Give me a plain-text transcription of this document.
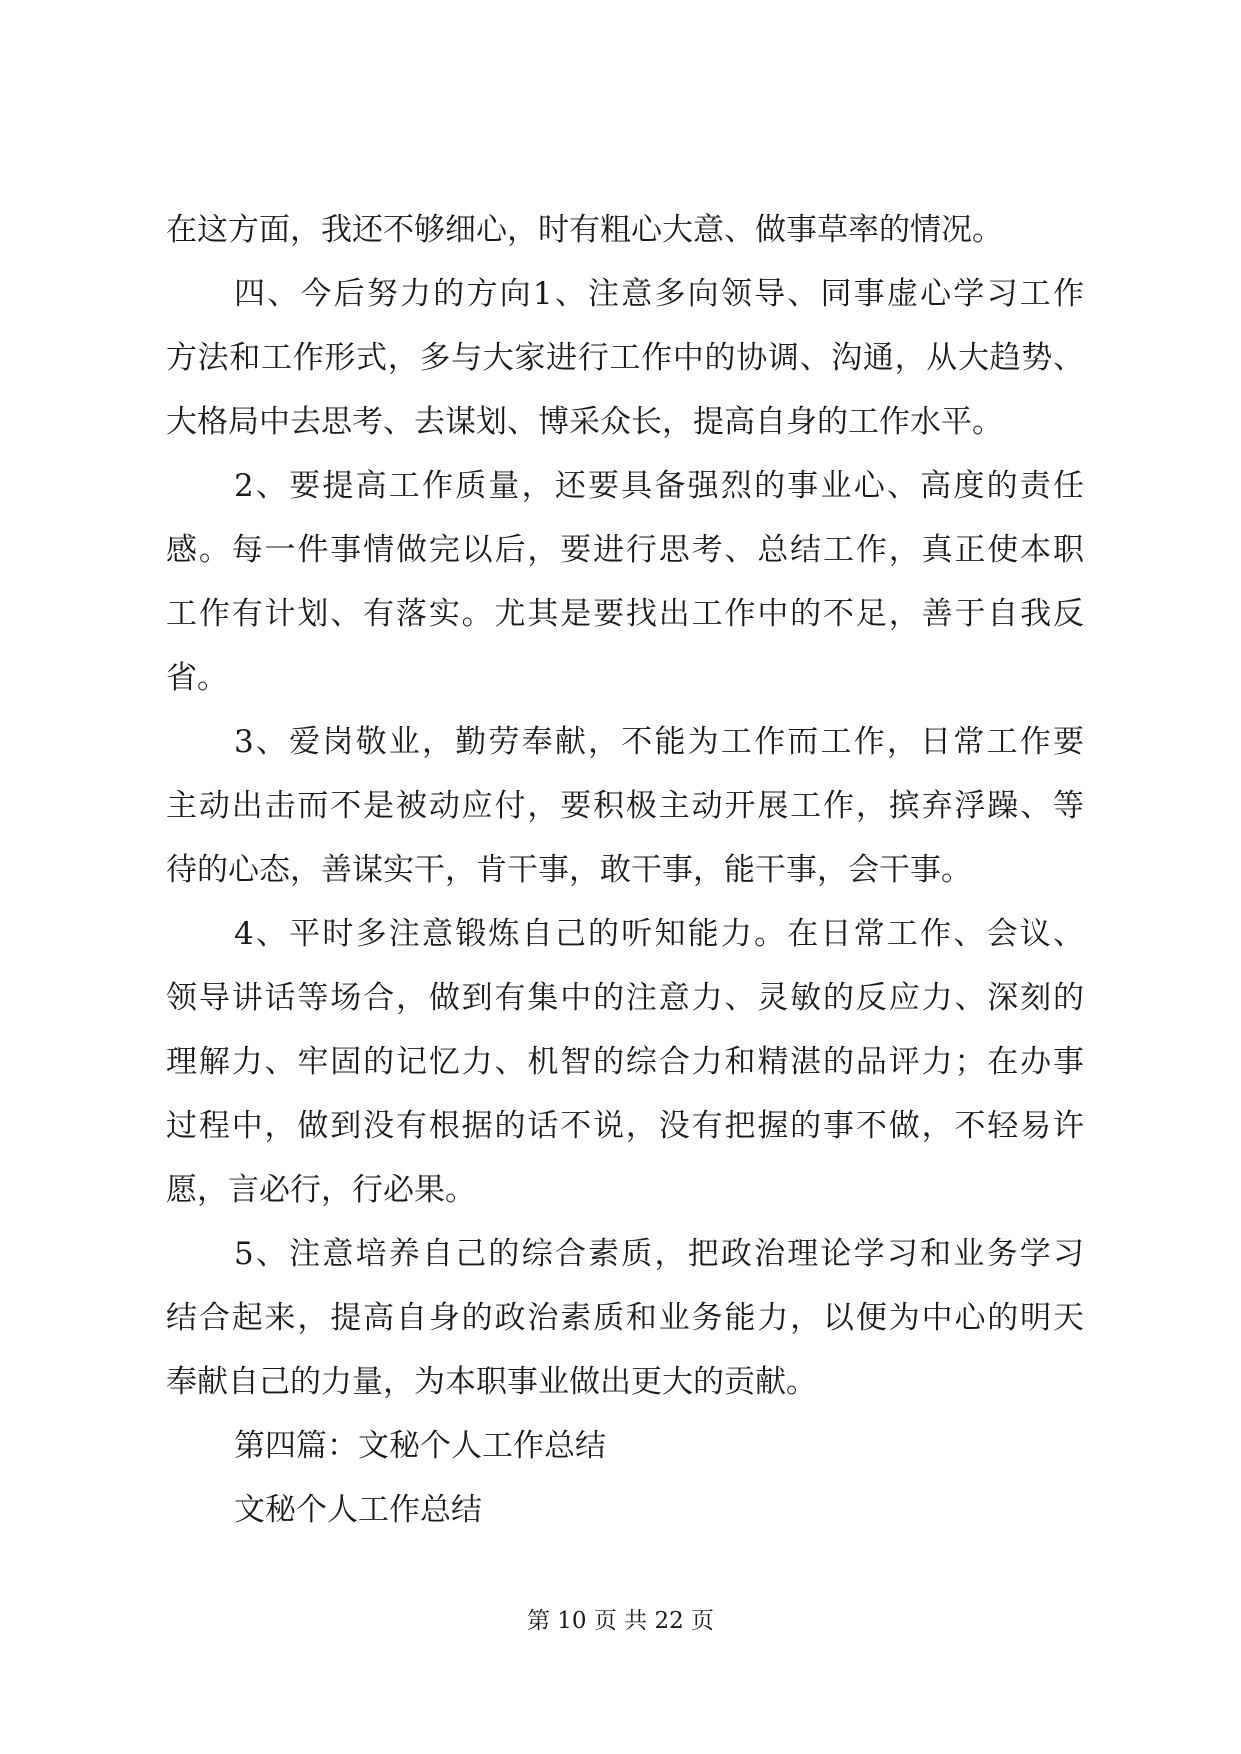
在这方面，我还不够细心，时有粗心大意、做事草率的情况。
四、今后努力的方向1、注意多向领导、同事虚心学习工作
方法和工作形式，多与大家进行工作中的协调、沟通，从大趋势、
大格局中去思考、去谋划、博采众长，提高自身的工作水平。
2、要提高工作质量，还要具备强烈的事业心、高度的责任
感。每一件事情做完以后，要进行思考、总结工作，真正使本职
工作有计划、有落实。尤其是要找出工作中的不足，善于自我反
省。
3、爱岗敬业，勤劳奉献，不能为工作而工作，日常工作要
主动出击而不是被动应付，要积极主动开展工作，摈弃浮躁、等
待的心态，善谋实干，肯干事，敢干事，能干事，会干事。
4、平时多注意锻炼自己的听知能力。在日常工作、会议、
领导讲话等场合，做到有集中的注意力、灵敏的反应力、深刻的
理解力、牢固的记忆力、机智的综合力和精湛的品评力；在办事
过程中，做到没有根据的话不说，没有把握的事不做，不轻易许
愿，言必行，行必果。
5、注意培养自己的综合素质，把政治理论学习和业务学习
结合起来，提高自身的政治素质和业务能力，以便为中心的明天
奉献自己的力量，为本职事业做出更大的贡献。
第四篇：文秘个人工作总结
文秘个人工作总结
第 10 页 共 22 页
